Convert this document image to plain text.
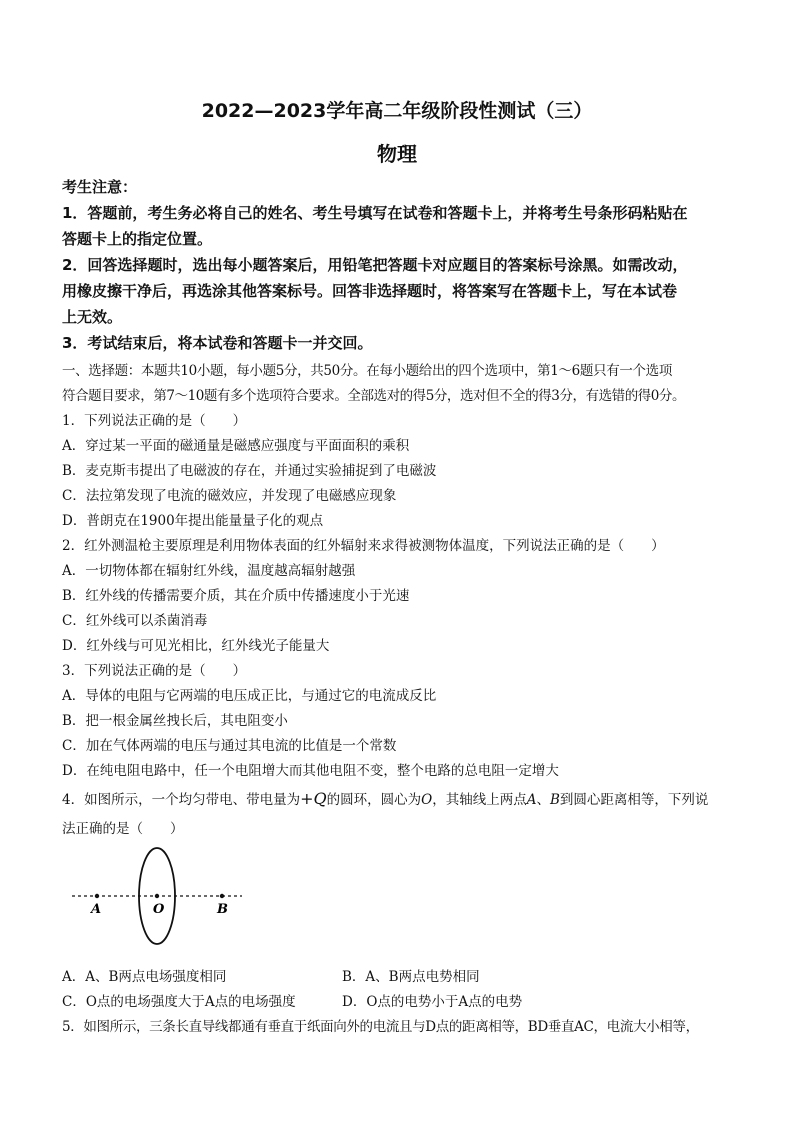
2022—2023学年高二年级阶段性测试（三）
物理
考生注意：
1．答题前，考生务必将自己的姓名、考生号填写在试卷和答题卡上，并将考生号条形码粘贴在
答题卡上的指定位置。
2．回答选择题时，选出每小题答案后，用铅笔把答题卡对应题目的答案标号涂黑。如需改动，
用橡皮擦干净后，再选涂其他答案标号。回答非选择题时，将答案写在答题卡上，写在本试卷
上无效。
3．考试结束后，将本试卷和答题卡一并交回。
一、选择题：本题共10小题，每小题5分，共50分。在每小题给出的四个选项中，第1～6题只有一个选项
符合题目要求，第7～10题有多个选项符合要求。全部选对的得5分，选对但不全的得3分，有选错的得0分。
1．下列说法正确的是（　　）
A．穿过某一平面的磁通量是磁感应强度与平面面积的乘积
B．麦克斯韦提出了电磁波的存在，并通过实验捕捉到了电磁波
C．法拉第发现了电流的磁效应，并发现了电磁感应现象
D．普朗克在1900年提出能量量子化的观点
2．红外测温枪主要原理是利用物体表面的红外辐射来求得被测物体温度，下列说法正确的是（　　）
A．一切物体都在辐射红外线，温度越高辐射越强
B．红外线的传播需要介质，其在介质中传播速度小于光速
C．红外线可以杀菌消毒
D．红外线与可见光相比，红外线光子能量大
3．下列说法正确的是（　　）
A．导体的电阻与它两端的电压成正比，与通过它的电流成反比
B．把一根金属丝拽长后，其电阻变小
C．加在气体两端的电压与通过其电流的比值是一个常数
D．在纯电阻电路中，任一个电阻增大而其他电阻不变，整个电路的总电阻一定增大
4．如图所示，一个均匀带电、带电量为+Q的圆环，圆心为O，其轴线上两点A、B到圆心距离相等，下列说
法正确的是（　　）
A	O	B
A．A、B两点电场强度相同	B．A、B两点电势相同
C．O点的电场强度大于A点的电场强度	D．O点的电势小于A点的电势
5．如图所示，三条长直导线都通有垂直于纸面向外的电流且与D点的距离相等，BD垂直AC，电流大小相等，
